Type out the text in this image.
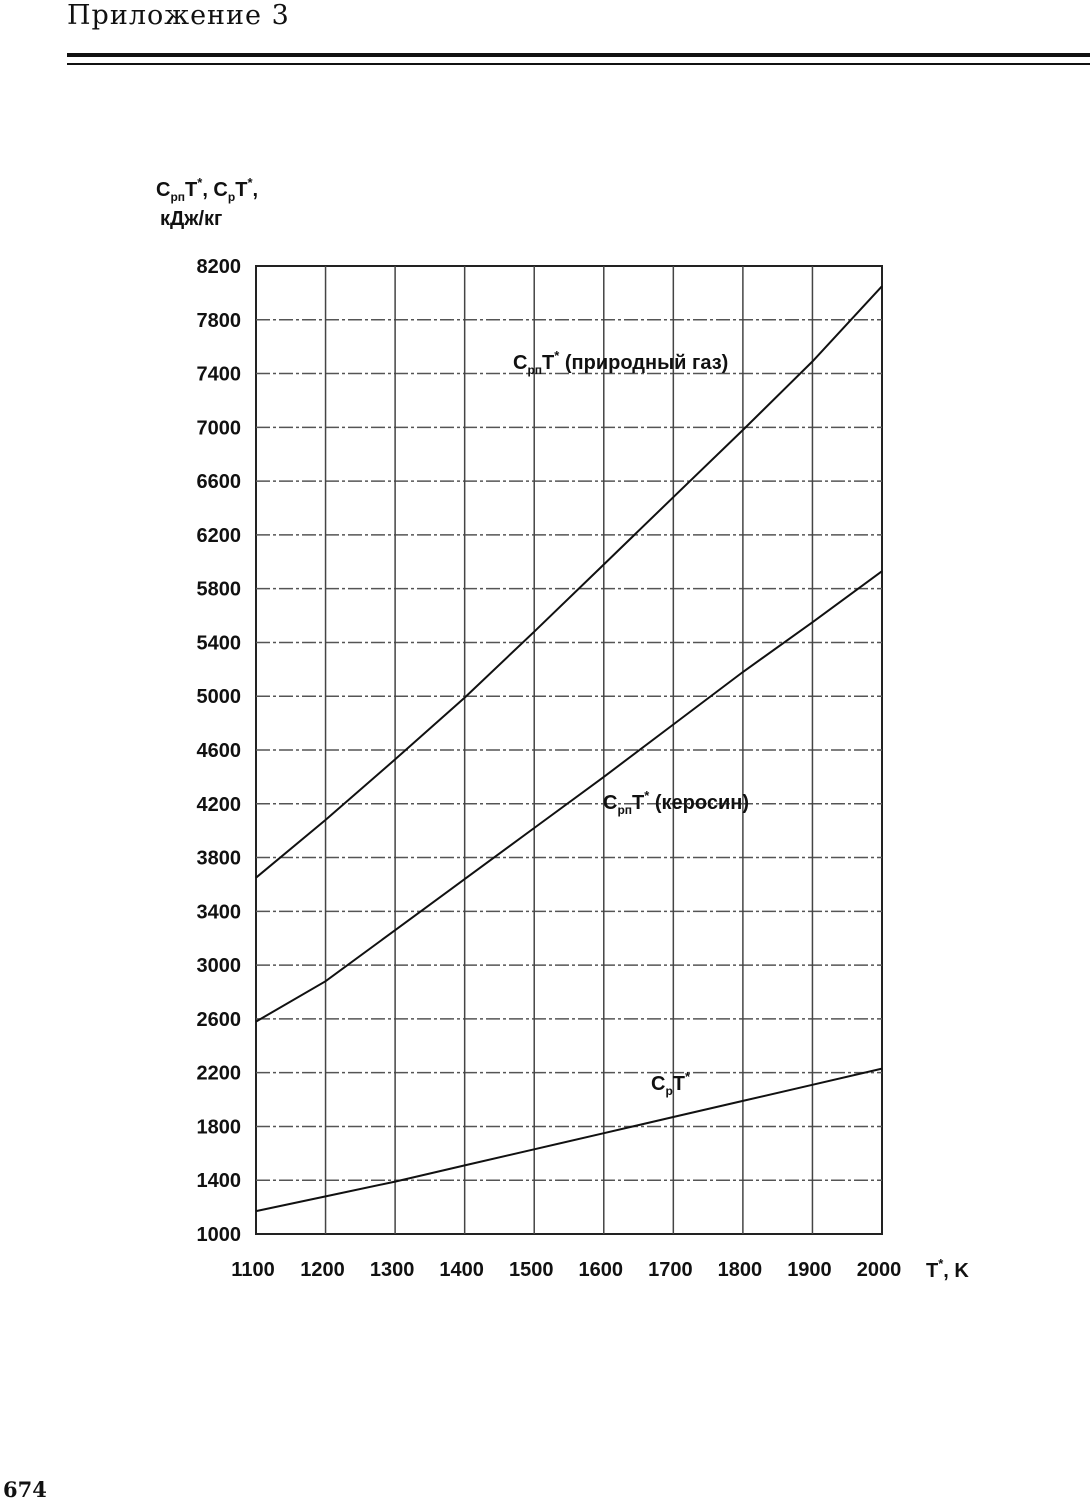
Приложение 3
8200
7800
7400
7000
6600
6200
5800
5400
5000
4600
4200
3800
3400
3000
2600
2200
1800
1400
1000
1100 1200 1300 1400 1500 1600 1700 1800 1900 2000
$C_{pп}T^*$ (природный газ)
$C_{pп}T^*$ (керосин)
$C_pT^*$
$C_{pп}T^*$, $C_pT^*$,
кДж/кг
T*, K
674
